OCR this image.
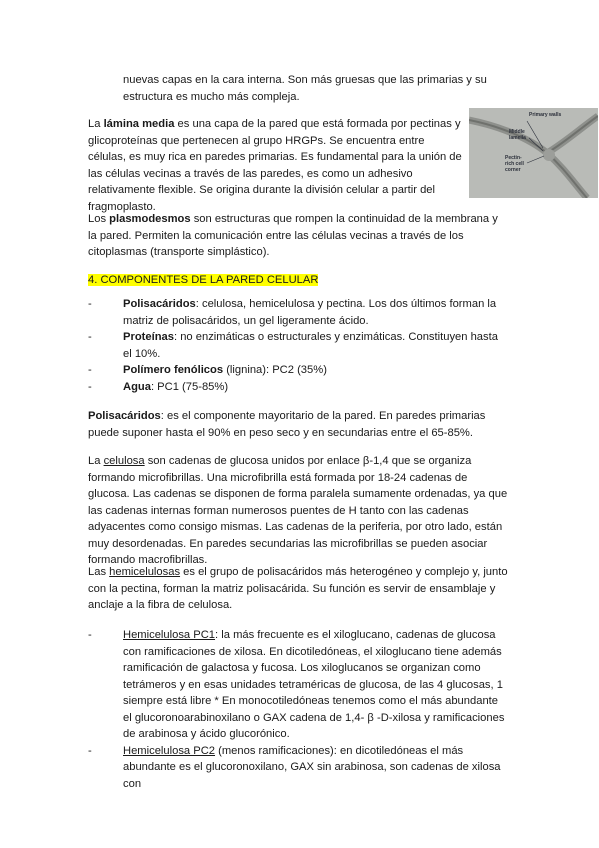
nuevas capas en la cara interna. Son más gruesas que las primarias y su

estructura es mucho más compleja.

La lámina media es una capa de la pared que está formada por pectinas y glicoproteínas que pertenecen al grupo HRGPs. Se encuentra entre células, es muy rica en paredes primarias. Es fundamental para la unión de las células vecinas a través de las paredes, es como un adhesivo relativamente flexible. Se origina durante la división celular a partir del fragmoplasto.

Primary walls
Middle lamella
Pectin-rich cell corner

Los plasmodesmos son estructuras que rompen la continuidad de la membrana y la pared. Permiten la comunicación entre las células vecinas a través de los citoplasmas (transporte simplástico).

4. COMPONENTES DE LA PARED CELULAR
-	Polisacáridos: celulosa, hemicelulosa y pectina. Los dos últimos forman la matriz de polisacáridos, un gel ligeramente ácido.
-	Proteínas: no enzimáticas o estructurales y enzimáticas. Constituyen hasta el 10%.
-	Polímero fenólicos (lignina): PC2 (35%)
-	Agua: PC1 (75-85%)

Polisacáridos: es el componente mayoritario de la pared. En paredes primarias puede suponer hasta el 90% en peso seco y en secundarias entre el 65-85%.

La celulosa son cadenas de glucosa unidos por enlace β-1,4 que se organiza formando microfibrillas. Una microfibrilla está formada por 18-24 cadenas de glucosa. Las cadenas se disponen de forma paralela sumamente ordenadas, ya que las cadenas internas forman numerosos puentes de H tanto con las cadenas adyacentes como consigo mismas. Las cadenas de la periferia, por otro lado, están muy desordenadas. En paredes secundarias las microfibrillas se pueden asociar formando macrofibrillas.

Las hemicelulosas es el grupo de polisacáridos más heterogéneo y complejo y, junto con la pectina, forman la matriz polisacárida. Su función es servir de ensamblaje y anclaje a la fibra de celulosa.

-	Hemicelulosa PC1: la más frecuente es el xiloglucano, cadenas de glucosa con ramificaciones de xilosa. En dicotiledóneas, el xiloglucano tiene además ramificación de galactosa y fucosa. Los xiloglucanos se organizan como tetrámeros y en esas unidades tetraméricas de glucosa, de las 4 glucosas, 1 siempre está libre * En monocotiledóneas tenemos como el más abundante el glucoronoarabinoxilano o GAX cadena de 1,4- β -D-xilosa y ramificaciones de arabinosa y ácido glucorónico.
-	Hemicelulosa PC2 (menos ramificaciones): en dicotiledóneas el más abundante es el glucoronoxilano, GAX sin arabinosa, son cadenas de xilosa con
